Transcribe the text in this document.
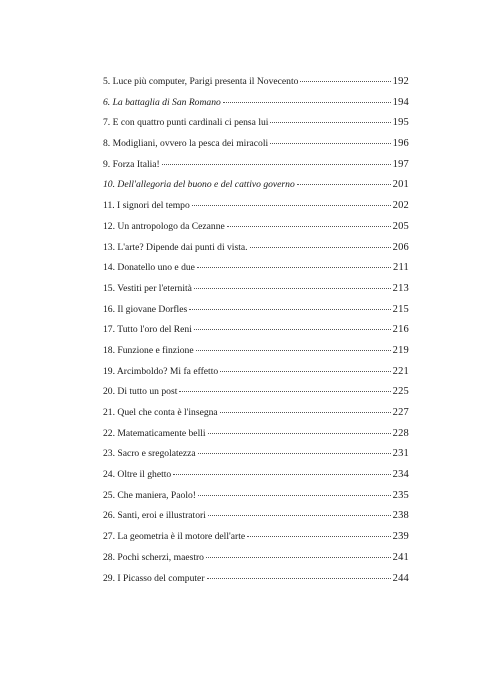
5. Luce più computer, Parigi presenta il Novecento	192
6. La battaglia di San Romano	194
7. E con quattro punti cardinali ci pensa lui	195
8. Modigliani, ovvero la pesca dei miracoli	196
9. Forza Italia!	197
10. Dell'allegoria del buono e del cattivo governo	201
11. I signori del tempo	202
12. Un antropologo da Cezanne	205
13. L'arte? Dipende dai punti di vista.	206
14. Donatello uno e due	211
15. Vestiti per l'eternità	213
16. Il giovane Dorfles	215
17. Tutto l'oro del Reni	216
18. Funzione e finzione	219
19. Arcimboldo? Mi fa effetto	221
20. Di tutto un post	225
21. Quel che conta è l'insegna	227
22. Matematicamente belli	228
23. Sacro e sregolatezza	231
24. Oltre il ghetto	234
25. Che maniera, Paolo!	235
26. Santi, eroi e illustratori	238
27. La geometria è il motore dell'arte	239
28. Pochi scherzi, maestro	241
29. I Picasso del computer	244
